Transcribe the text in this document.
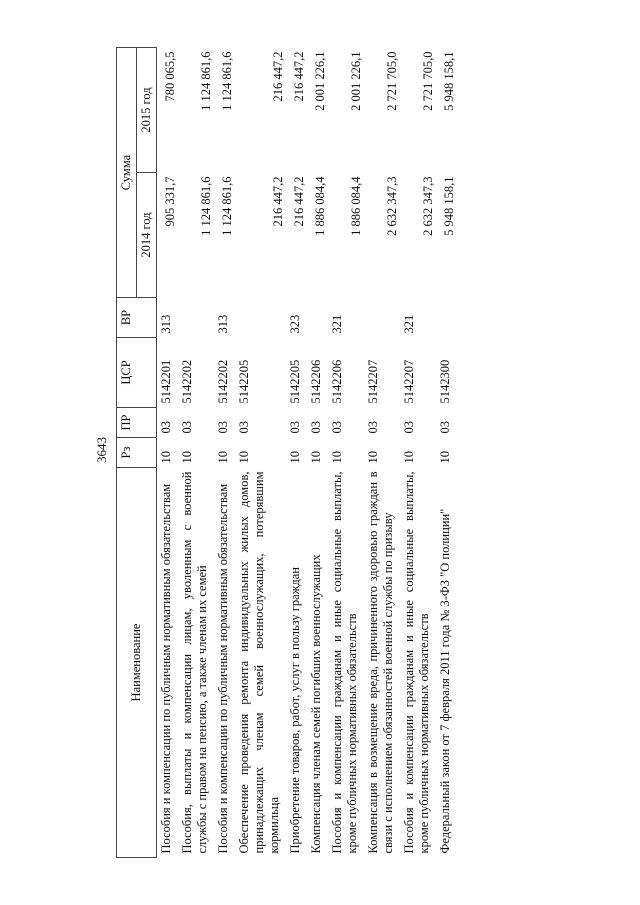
3643
Наименование	Рз	ПР	ЦСР	ВР	Сумма	
					2014 год	2015 год
Пособия и компенсации по публичным нормативным обязательствам	10	03	5142201	313	905 331,7	780 065,5
Пособия, выплаты и компенсации лицам, уволенным с военной службы с правом на пенсию, а также членам их семей	10	03	5142202		1 124 861,6	1 124 861,6
Пособия и компенсации по публичным нормативным обязательствам	10	03	5142202	313	1 124 861,6	1 124 861,6
Обеспечение проведения ремонта индивидуальных жилых домов, принадлежащих членам семей военнослужащих, потерявшим кормильца	10	03	5142205		216 447,2	216 447,2
Приобретение товаров, работ, услуг в пользу граждан	10	03	5142205	323	216 447,2	216 447,2
Компенсация членам семей погибших военнослужащих	10	03	5142206		1 886 084,4	2 001 226,1
Пособия и компенсации гражданам и иные социальные выплаты, кроме публичных нормативных обязательств	10	03	5142206	321	1 886 084,4	2 001 226,1
Компенсация в возмещение вреда, причиненного здоровью граждан в связи с исполнением обязанностей военной службы по призыву	10	03	5142207		2 632 347,3	2 721 705,0
Пособия и компенсации гражданам и иные социальные выплаты, кроме публичных нормативных обязательств	10	03	5142207	321	2 632 347,3	2 721 705,0
Федеральный закон от 7 февраля 2011 года № 3-ФЗ "О полиции"	10	03	5142300		5 948 158,1	5 948 158,1
